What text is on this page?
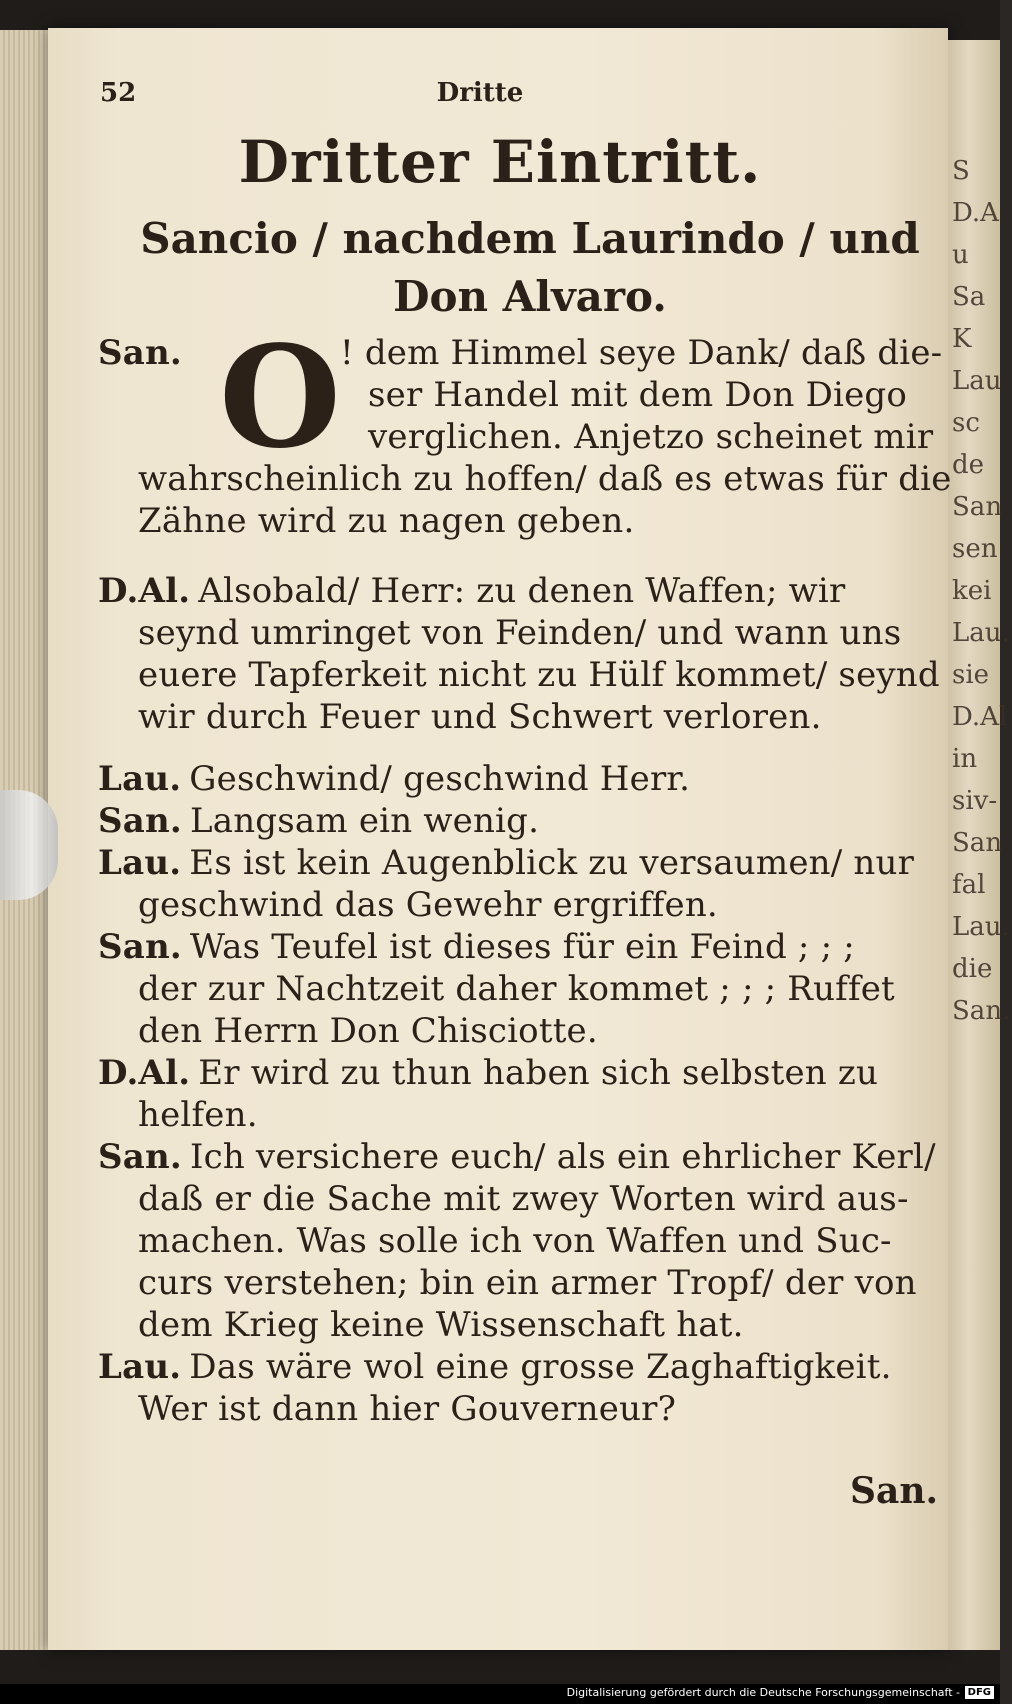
S
D.A
u
Sa
K
Lau
sc
de
San
sen
kei
Lau.
sie
D.Al
in
siv-
San
fal
Lau.
die
San.
52	Dritte
Dritter Eintritt.
Sancio / nachdem Laurindo / und
Don Alvaro.
O
San.	! dem Himmel seye Dank/ daß die-
ser Handel mit dem Don Diego
verglichen. Anjetzo scheinet mir
wahrscheinlich zu hoffen/ daß es etwas für die
Zähne wird zu nagen geben.
D.Al. Alsobald/ Herr: zu denen Waffen; wir
seynd umringet von Feinden/ und wann uns
euere Tapferkeit nicht zu Hülf kommet/ seynd
wir durch Feuer und Schwert verloren.
Lau. Geschwind/ geschwind Herr.
San. Langsam ein wenig.
Lau. Es ist kein Augenblick zu versaumen/ nur
geschwind das Gewehr ergriffen.
San. Was Teufel ist dieses für ein Feind ; ; ;
der zur Nachtzeit daher kommet ; ; ; Ruffet
den Herrn Don Chisciotte.
D.Al. Er wird zu thun haben sich selbsten zu
helfen.
San. Ich versichere euch/ als ein ehrlicher Kerl/
daß er die Sache mit zwey Worten wird aus-
machen. Was solle ich von Waffen und Suc-
curs verstehen; bin ein armer Tropf/ der von
dem Krieg keine Wissenschaft hat.
Lau. Das wäre wol eine grosse Zaghaftigkeit.
Wer ist dann hier Gouverneur?
San.
Digitalisierung gefördert durch die Deutsche Forschungsgemeinschaft - DFG
